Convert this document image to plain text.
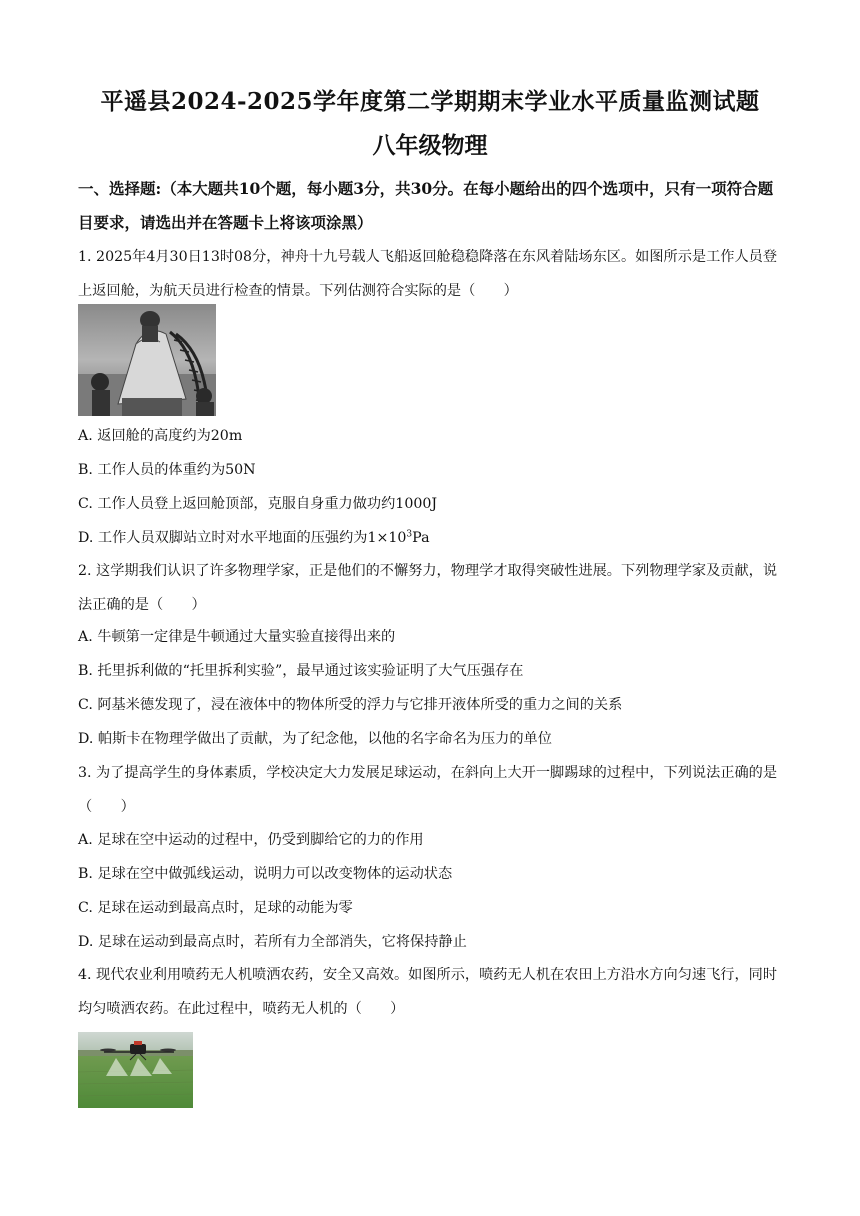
平遥县2024-2025学年度第二学期期末学业水平质量监测试题
八年级物理
一、选择题:（本大题共10个题，每小题3分，共30分。在每小题给出的四个选项中，只有一项符合题目要求，请选出并在答题卡上将该项涂黑）
1. 2025年4月30日13时08分，神舟十九号载人飞船返回舱稳稳降落在东风着陆场东区。如图所示是工作人员登上返回舱，为航天员进行检查的情景。下列估测符合实际的是（　　）
A. 返回舱的高度约为20m
B. 工作人员的体重约为50N
C. 工作人员登上返回舱顶部，克服自身重力做功约1000J
D. 工作人员双脚站立时对水平地面的压强约为$1\times 10^3Pa$
2. 这学期我们认识了许多物理学家，正是他们的不懈努力，物理学才取得突破性进展。下列物理学家及贡献，说法正确的是（　　）
A. 牛顿第一定律是牛顿通过大量实验直接得出来的
B. 托里拆利做的“托里拆利实验”，最早通过该实验证明了大气压强存在
C. 阿基米德发现了，浸在液体中的物体所受的浮力与它排开液体所受的重力之间的关系
D. 帕斯卡在物理学做出了贡献，为了纪念他，以他的名字命名为压力的单位
3. 为了提高学生的身体素质，学校决定大力发展足球运动，在斜向上大开一脚踢球的过程中，下列说法正确的是（　　）
A. 足球在空中运动的过程中，仍受到脚给它的力的作用
B. 足球在空中做弧线运动，说明力可以改变物体的运动状态
C. 足球在运动到最高点时，足球的动能为零
D. 足球在运动到最高点时，若所有力全部消失，它将保持静止
4. 现代农业利用喷药无人机喷洒农药，安全又高效。如图所示，喷药无人机在农田上方沿水方向匀速飞行，同时均匀喷洒农药。在此过程中，喷药无人机的（　　）
